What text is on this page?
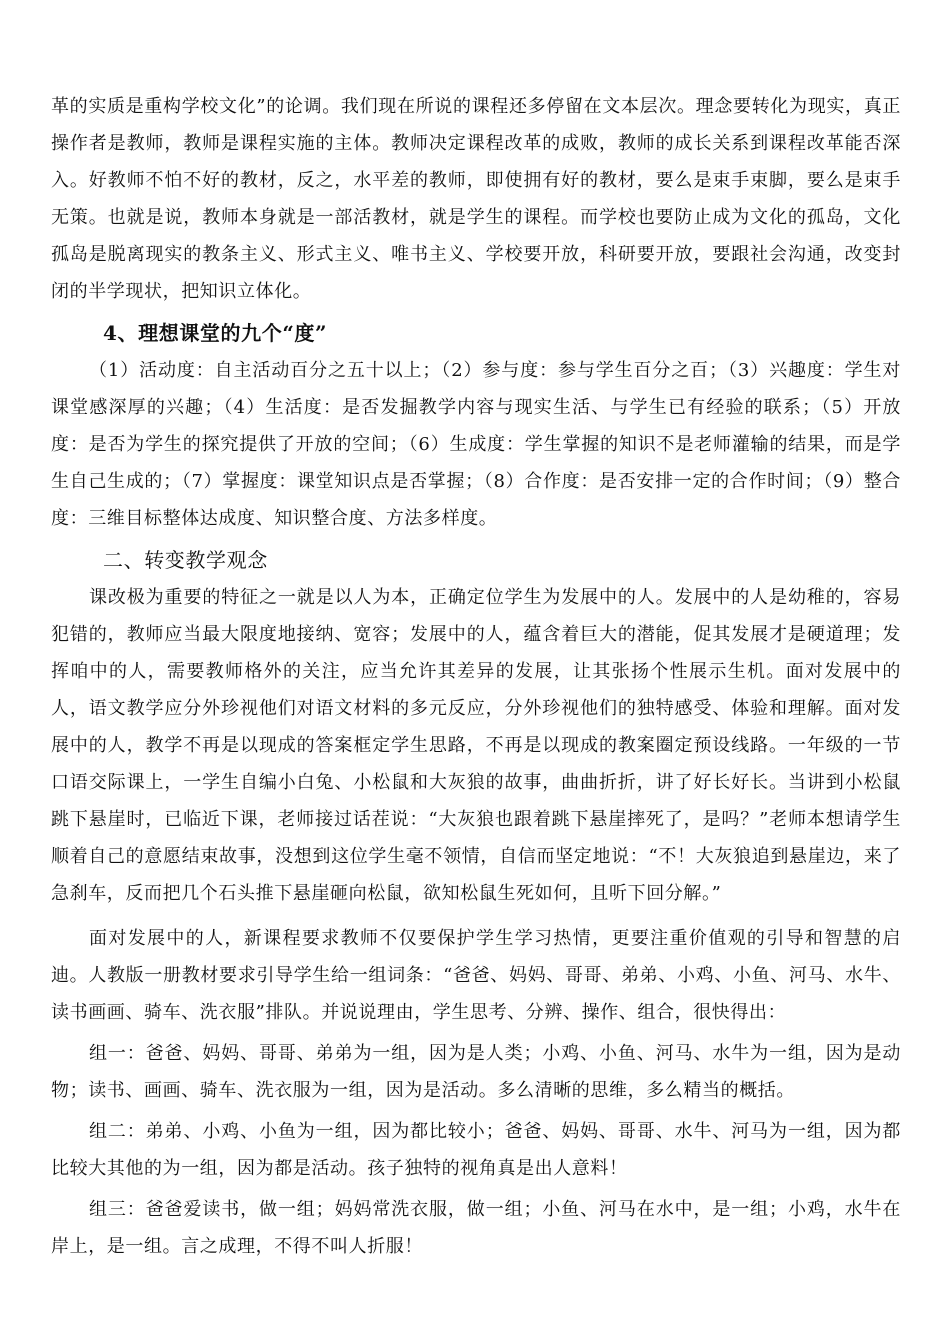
革的实质是重构学校文化”的论调。我们现在所说的课程还多停留在文本层次。理念要转化为现实，真正操作者是教师，教师是课程实施的主体。教师决定课程改革的成败，教师的成长关系到课程改革能否深入。好教师不怕不好的教材，反之，水平差的教师，即使拥有好的教材，要么是束手束脚，要么是束手无策。也就是说，教师本身就是一部活教材，就是学生的课程。而学校也要防止成为文化的孤岛，文化孤岛是脱离现实的教条主义、形式主义、唯书主义、学校要开放，科研要开放，要跟社会沟通，改变封闭的半学现状，把知识立体化。

4、理想课堂的九个“度”

（1）活动度：自主活动百分之五十以上；（2）参与度：参与学生百分之百；（3）兴趣度：学生对课堂感深厚的兴趣；（4）生活度：是否发掘教学内容与现实生活、与学生已有经验的联系；（5）开放度：是否为学生的探究提供了开放的空间；（6）生成度：学生掌握的知识不是老师灌输的结果，而是学生自己生成的；（7）掌握度：课堂知识点是否掌握；（8）合作度：是否安排一定的合作时间；（9）整合度：三维目标整体达成度、知识整合度、方法多样度。

二、转变教学观念

课改极为重要的特征之一就是以人为本，正确定位学生为发展中的人。发展中的人是幼稚的，容易犯错的，教师应当最大限度地接纳、宽容；发展中的人，蕴含着巨大的潜能，促其发展才是硬道理；发挥咱中的人，需要教师格外的关注，应当允许其差异的发展，让其张扬个性展示生机。面对发展中的人，语文教学应分外珍视他们对语文材料的多元反应，分外珍视他们的独特感受、体验和理解。面对发展中的人，教学不再是以现成的答案框定学生思路，不再是以现成的教案圈定预设线路。一年级的一节口语交际课上，一学生自编小白兔、小松鼠和大灰狼的故事，曲曲折折，讲了好长好长。当讲到小松鼠跳下悬崖时，已临近下课，老师接过话茬说：“大灰狼也跟着跳下悬崖摔死了，是吗？”老师本想请学生顺着自己的意愿结束故事，没想到这位学生毫不领情，自信而坚定地说：“不！大灰狼追到悬崖边，来了急刹车，反而把几个石头推下悬崖砸向松鼠，欲知松鼠生死如何，且听下回分解。”

面对发展中的人，新课程要求教师不仅要保护学生学习热情，更要注重价值观的引导和智慧的启迪。人教版一册教材要求引导学生给一组词条：“爸爸、妈妈、哥哥、弟弟、小鸡、小鱼、河马、水牛、读书画画、骑车、洗衣服”排队。并说说理由，学生思考、分辨、操作、组合，很快得出：

组一：爸爸、妈妈、哥哥、弟弟为一组，因为是人类；小鸡、小鱼、河马、水牛为一组，因为是动物；读书、画画、骑车、洗衣服为一组，因为是活动。多么清晰的思维，多么精当的概括。

组二：弟弟、小鸡、小鱼为一组，因为都比较小；爸爸、妈妈、哥哥、水牛、河马为一组，因为都比较大其他的为一组，因为都是活动。孩子独特的视角真是出人意料！

组三：爸爸爱读书，做一组；妈妈常洗衣服，做一组；小鱼、河马在水中，是一组；小鸡，水牛在岸上，是一组。言之成理，不得不叫人折服！
